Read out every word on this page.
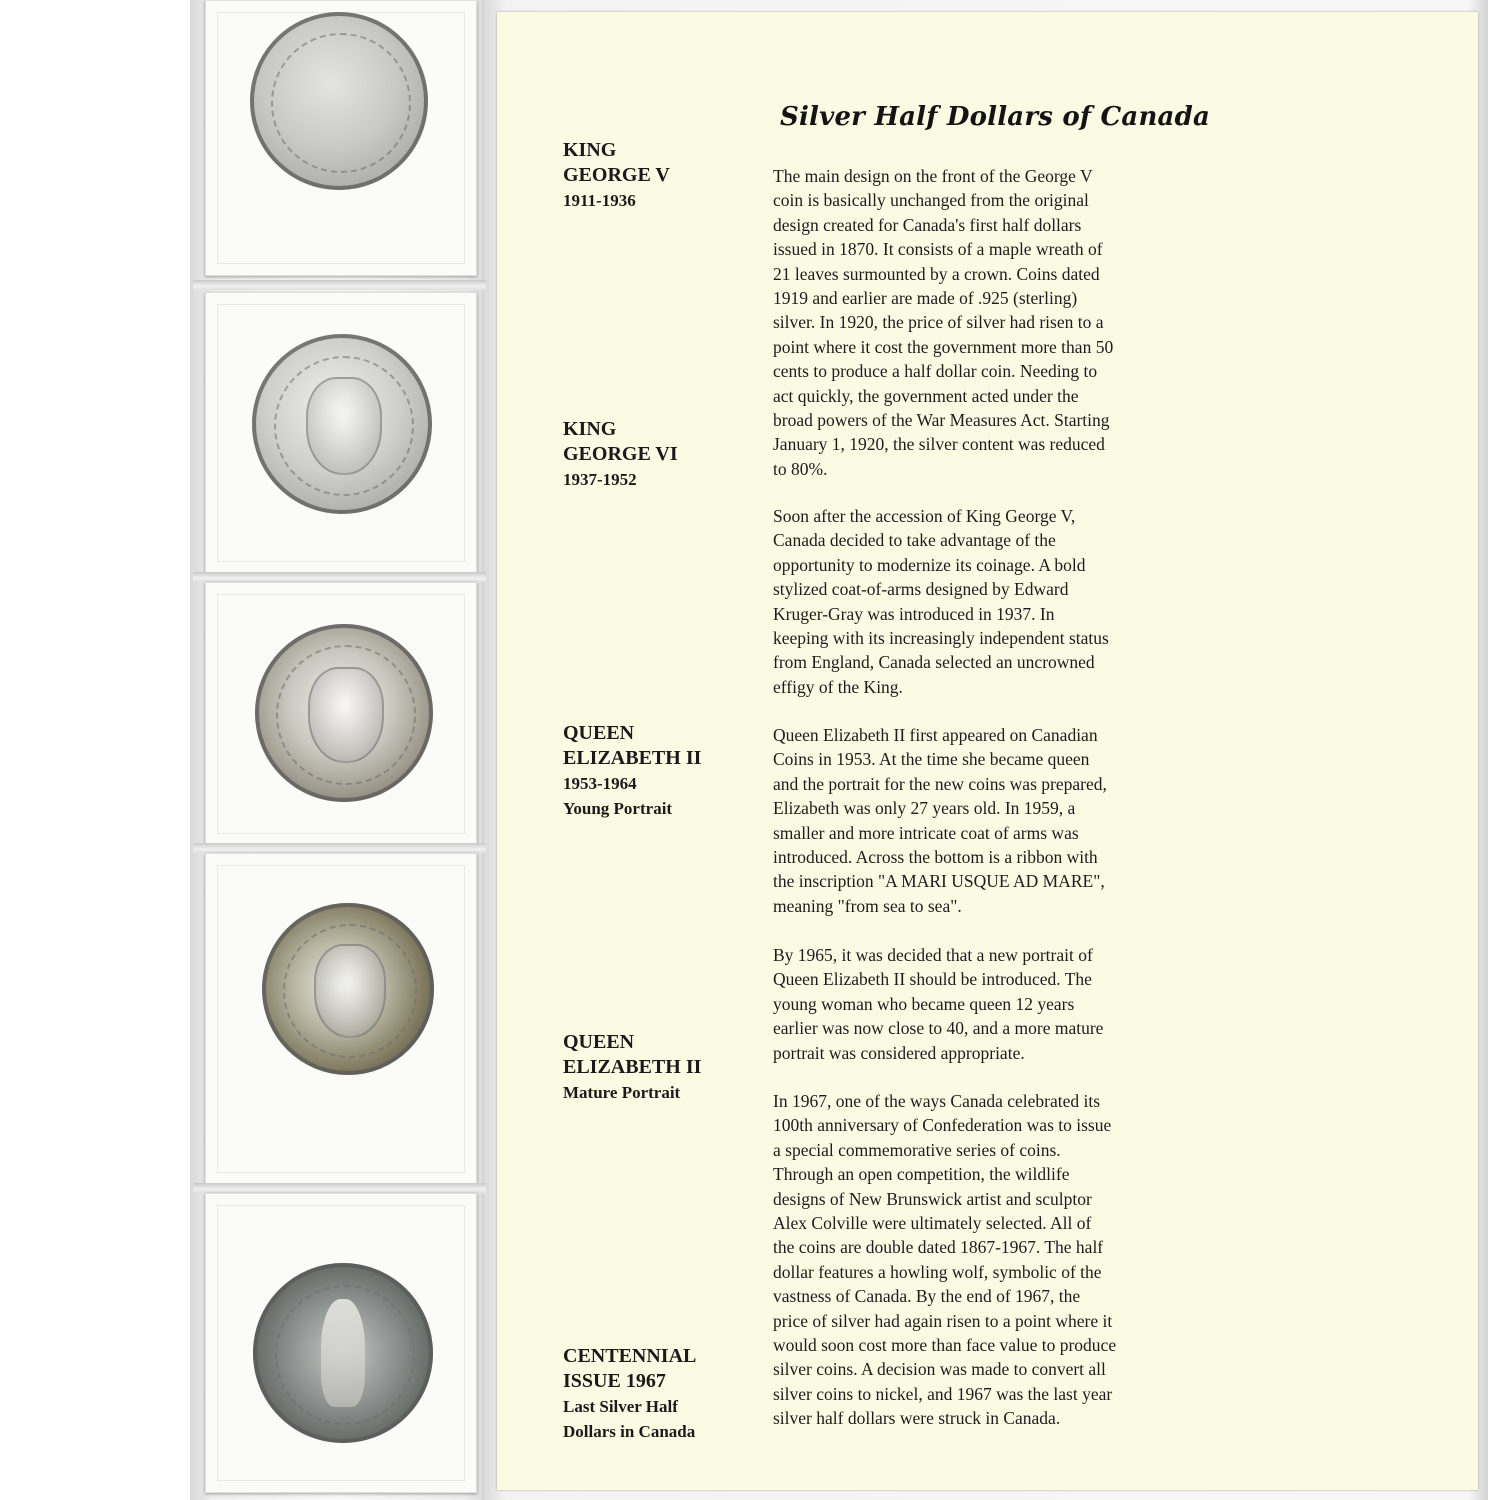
Silver Half Dollars of Canada
KING
GEORGE V
1911-1936
KING
GEORGE VI
1937-1952
QUEEN
ELIZABETH II
1953-1964
Young Portrait
QUEEN
ELIZABETH II
Mature Portrait
CENTENNIAL
ISSUE 1967
Last Silver Half
Dollars in Canada

The main design on the front of the George V
coin is basically unchanged from the original
design created for Canada's first half dollars
issued in 1870. It consists of a maple wreath of
21 leaves surmounted by a crown. Coins dated
1919 and earlier are made of .925 (sterling)
silver. In 1920, the price of silver had risen to a
point where it cost the government more than 50
cents to produce a half dollar coin. Needing to
act quickly, the government acted under the
broad powers of the War Measures Act. Starting
January 1, 1920, the silver content was reduced
to 80%.

Soon after the accession of King George V,
Canada decided to take advantage of the
opportunity to modernize its coinage. A bold
stylized coat-of-arms designed by Edward
Kruger-Gray was introduced in 1937. In
keeping with its increasingly independent status
from England, Canada selected an uncrowned
effigy of the King.

Queen Elizabeth II first appeared on Canadian
Coins in 1953. At the time she became queen
and the portrait for the new coins was prepared,
Elizabeth was only 27 years old. In 1959, a
smaller and more intricate coat of arms was
introduced. Across the bottom is a ribbon with
the inscription "A MARI USQUE AD MARE",
meaning "from sea to sea".

By 1965, it was decided that a new portrait of
Queen Elizabeth II should be introduced. The
young woman who became queen 12 years
earlier was now close to 40, and a more mature
portrait was considered appropriate.

In 1967, one of the ways Canada celebrated its
100th anniversary of Confederation was to issue
a special commemorative series of coins.
Through an open competition, the wildlife
designs of New Brunswick artist and sculptor
Alex Colville were ultimately selected. All of
the coins are double dated 1867-1967. The half
dollar features a howling wolf, symbolic of the
vastness of Canada. By the end of 1967, the
price of silver had again risen to a point where it
would soon cost more than face value to produce
silver coins. A decision was made to convert all
silver coins to nickel, and 1967 was the last year
silver half dollars were struck in Canada.
